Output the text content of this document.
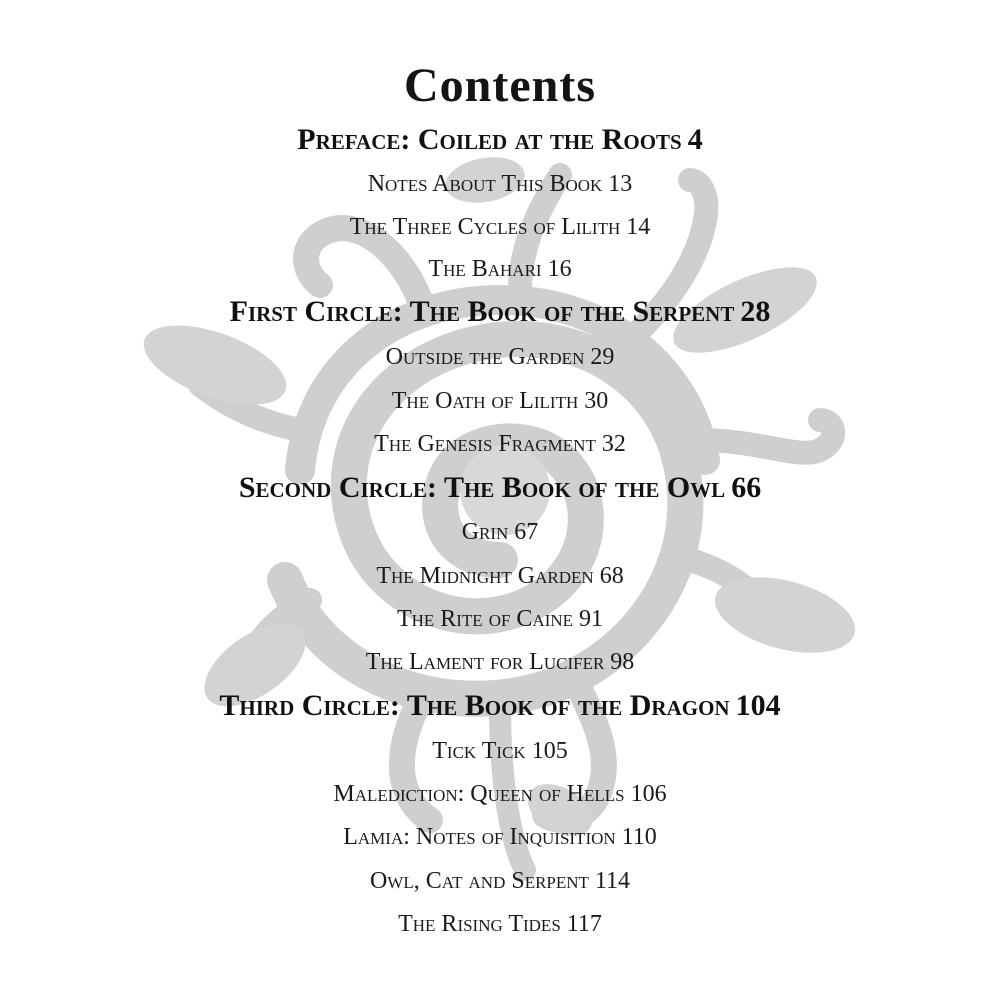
Contents
Preface: Coiled at the Roots 4
Notes About This Book 13
The Three Cycles of Lilith 14
The Bahari 16
First Circle: The Book of the Serpent 28
Outside the Garden 29
The Oath of Lilith 30
The Genesis Fragment 32
Second Circle: The Book of the Owl 66
Grin 67
The Midnight Garden 68
The Rite of Caine 91
The Lament for Lucifer 98
Third Circle: The Book of the Dragon 104
Tick Tick 105
Malediction: Queen of Hells 106
Lamia: Notes of Inquisition 110
Owl, Cat and Serpent 114
The Rising Tides 117
